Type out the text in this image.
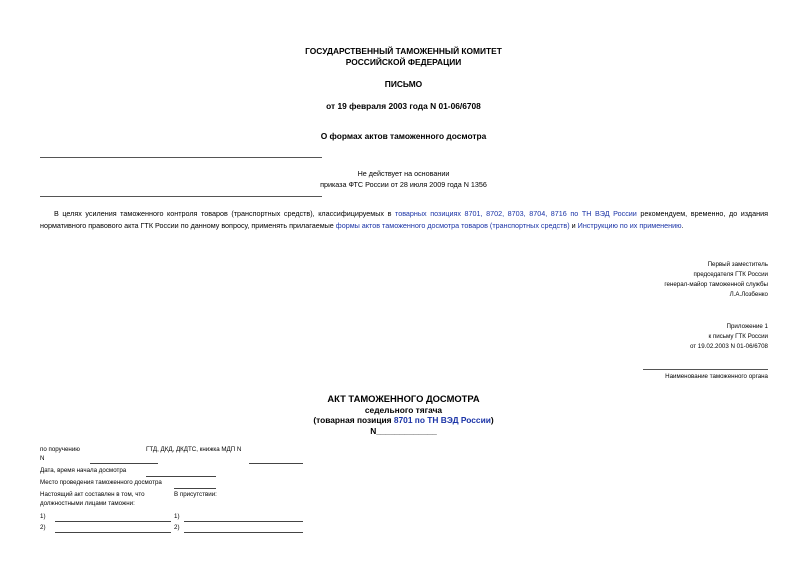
ГОСУДАРСТВЕННЫЙ ТАМОЖЕННЫЙ КОМИТЕТ
РОССИЙСКОЙ ФЕДЕРАЦИИ
ПИСЬМО
от 19 февраля 2003 года N 01-06/6708
О формах актов таможенного досмотра
Не действует на основании
приказа ФТС России от 28 июля 2009 года N 1356
В целях усиления таможенного контроля товаров (транспортных средств), классифицируемых в товарных позициях 8701, 8702, 8703, 8704, 8716 по ТН ВЭД России рекомендуем, временно, до издания нормативного правового акта ГТК России по данному вопросу, применять прилагаемые формы актов таможенного досмотра товаров (транспортных средств) и Инструкцию по их применению.
Первый заместитель
председателя ГТК России
генерал-майор таможенной службы
Л.А.Лозбенко
Приложение 1
к письму ГТК России
от 19.02.2003 N 01-06/6708
Наименование таможенного органа
АКТ ТАМОЖЕННОГО ДОСМОТРА
седельного тягача
(товарная позиция 8701 по ТН ВЭД России)
N_____________
по поручению	ГТД, ДКД, ДКДТС, книжка МДП N
N
Дата, время начала досмотра
Место проведения таможенного досмотра
Настоящий акт составлен в том, что
должностными лицами таможни:
В присутствии:
1)	1)
2)	2)
